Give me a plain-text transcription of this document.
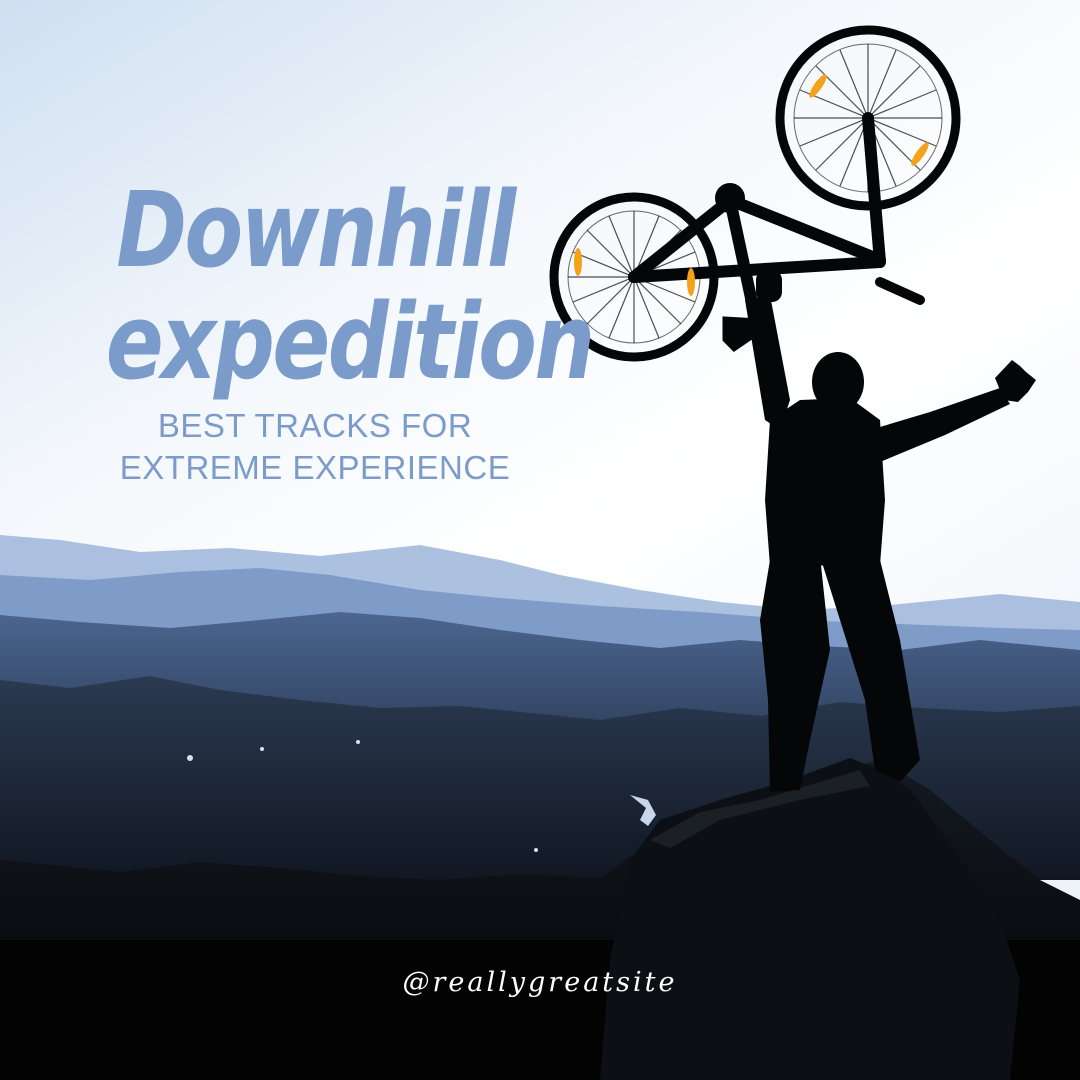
Downhill
expedition
BEST TRACKS FOR
EXTREME EXPERIENCE
@reallygreatsite
